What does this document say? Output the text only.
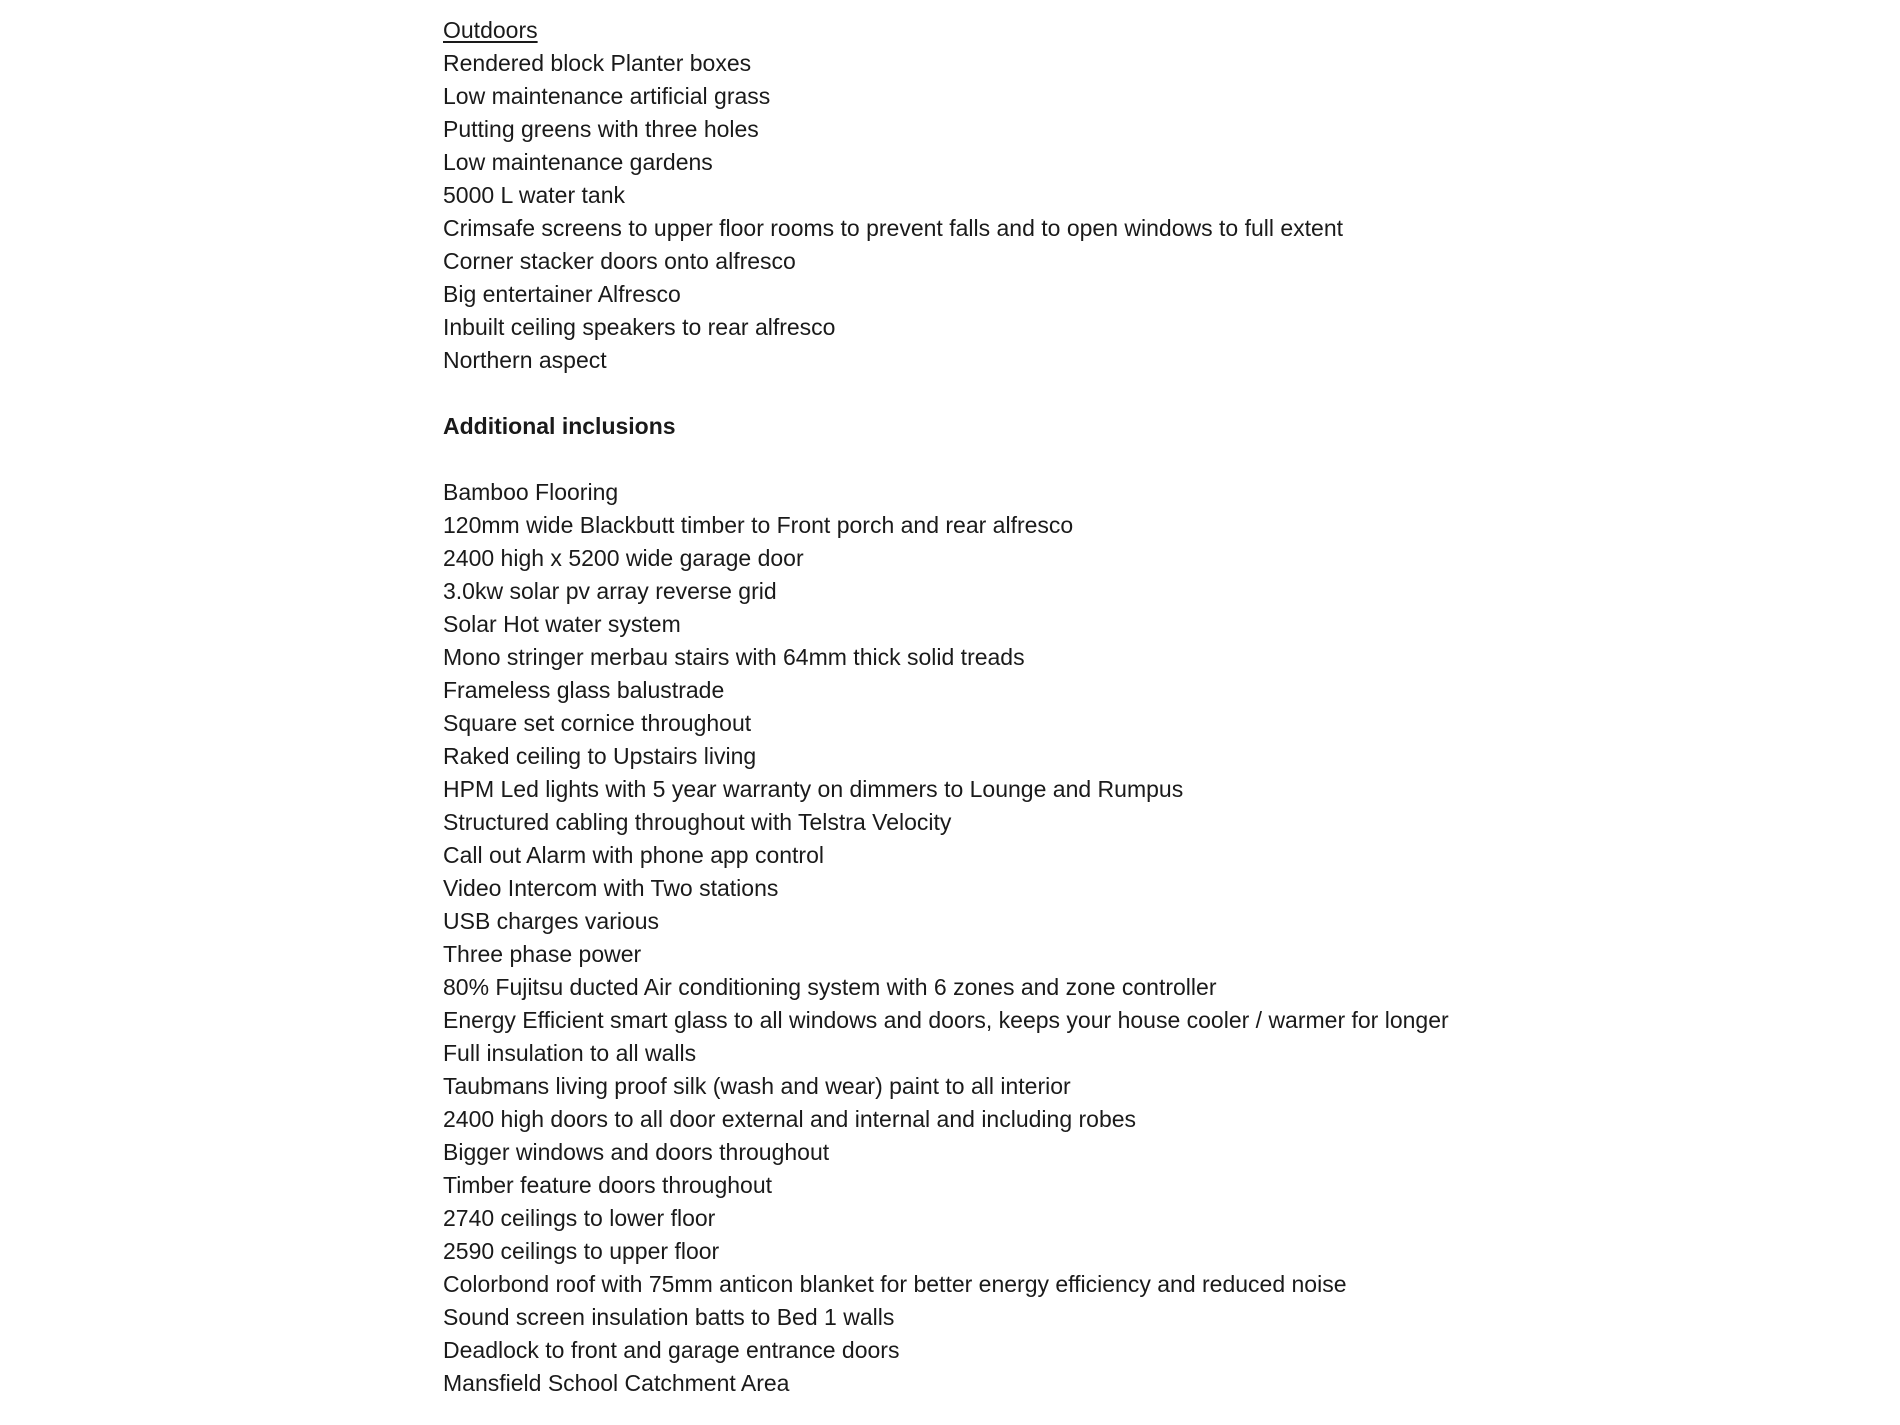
Outdoors
Rendered block Planter boxes
Low maintenance artificial grass
Putting greens with three holes
Low maintenance gardens
5000 L water tank
Crimsafe screens to upper floor rooms to prevent falls and to open windows to full extent
Corner stacker doors onto alfresco
Big entertainer Alfresco
Inbuilt ceiling speakers to rear alfresco
Northern aspect
Additional inclusions
Bamboo Flooring
120mm wide Blackbutt timber to Front porch and rear alfresco
2400 high x 5200 wide garage door
3.0kw solar pv array reverse grid
Solar Hot water system
Mono stringer merbau stairs with 64mm thick solid treads
Frameless glass balustrade
Square set cornice throughout
Raked ceiling to Upstairs living
HPM Led lights with 5 year warranty on dimmers to Lounge and Rumpus
Structured cabling throughout with Telstra Velocity
Call out Alarm with phone app control
Video Intercom with Two stations
USB charges various
Three phase power
80% Fujitsu ducted Air conditioning system with 6 zones and zone controller
Energy Efficient smart glass to all windows and doors, keeps your house cooler / warmer for longer
Full insulation to all walls
Taubmans living proof silk (wash and wear) paint to all interior
2400 high doors to all door external and internal and including robes
Bigger windows and doors throughout
Timber feature doors throughout
2740 ceilings to lower floor
2590 ceilings to upper floor
Colorbond roof with 75mm anticon blanket for better energy efficiency and reduced noise
Sound screen insulation batts to Bed 1 walls
Deadlock to front and garage entrance doors
Mansfield School Catchment Area
